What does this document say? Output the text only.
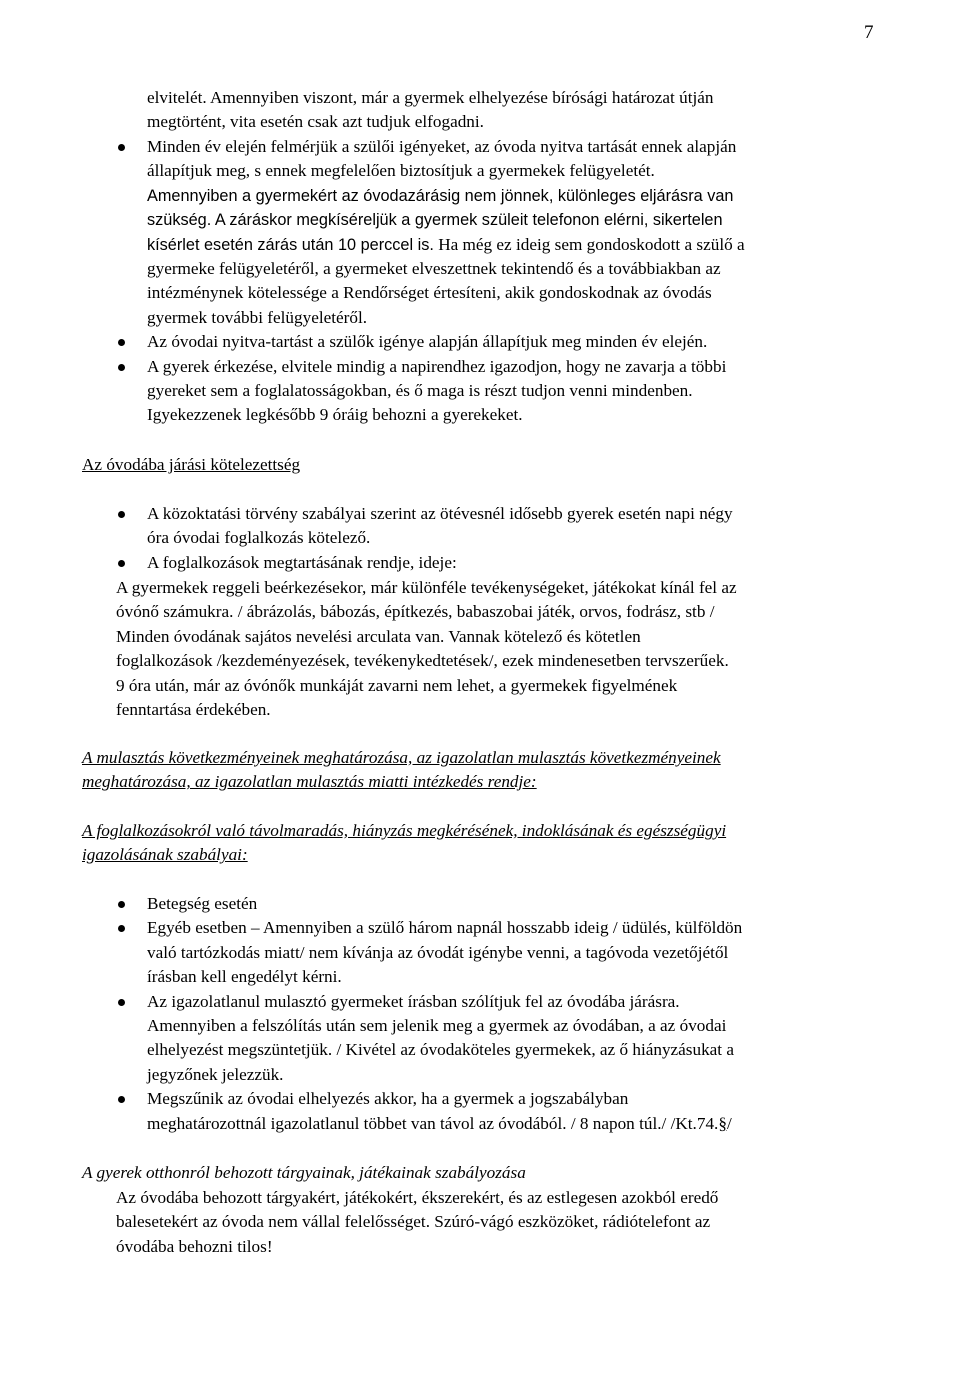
7

elvitelét. Amennyiben viszont, már a gyermek elhelyezése bírósági határozat útján

megtörtént, vita esetén csak azt tudjuk elfogadni.

Minden év elején felmérjük a szülői igényeket, az óvoda nyitva tartását ennek alapján
állapítjuk meg, s ennek megfelelően biztosítjuk a gyermekek felügyeletét.
Amennyiben a gyermekért az óvodazárásig nem jönnek, különleges eljárásra van
szükség. A záráskor megkíséreljük a gyermek szüleit telefonon elérni, sikertelen
kísérlet esetén zárás után 10 perccel is. Ha még ez ideig sem gondoskodott a szülő a
gyermeke felügyeletéről, a gyermeket elveszettnek tekintendő és a továbbiakban az
intézménynek kötelessége a Rendőrséget értesíteni, akik gondoskodnak az óvodás
gyermek további felügyeletéről.
Az óvodai nyitva-tartást a szülők igénye alapján állapítjuk meg minden év elején.
A gyerek érkezése, elvitele mindig a napirendhez igazodjon, hogy ne zavarja a többi
gyereket sem a foglalatosságokban, és ő maga is részt tudjon venni mindenben.
Igyekezzenek legkésőbb 9 óráig behozni a gyerekeket.
Az óvodába járási kötelezettség
A közoktatási törvény szabályai szerint az ötévesnél idősebb gyerek esetén napi négy
óra óvodai foglalkozás kötelező.
A foglalkozások megtartásának rendje, ideje:

A gyermekek reggeli beérkezésekor, már különféle tevékenységeket, játékokat kínál fel az

óvónő számukra. / ábrázolás, bábozás, építkezés, babaszobai játék, orvos, fodrász, stb /

Minden óvodának sajátos nevelési arculata van. Vannak kötelező és kötetlen

foglalkozások /kezdeményezések, tevékenykedtetések/, ezek mindenesetben tervszerűek.

9 óra után, már az óvónők munkáját zavarni nem lehet, a gyermekek figyelmének

fenntartása érdekében.

A mulasztás következményeinek meghatározása, az igazolatlan mulasztás következményeinek
meghatározása, az igazolatlan mulasztás miatti intézkedés rendje:
A foglalkozásokról való távolmaradás, hiányzás megkérésének, indoklásának és egészségügyi
igazolásának szabályai:
Betegség esetén
Egyéb esetben – Amennyiben a szülő három napnál hosszabb ideig / üdülés, külföldön
való tartózkodás miatt/ nem kívánja az óvodát igénybe venni, a tagóvoda vezetőjétől
írásban kell engedélyt kérni.
Az igazolatlanul mulasztó gyermeket írásban szólítjuk fel az óvodába járásra.
Amennyiben a felszólítás után sem jelenik meg a gyermek az óvodában, a az óvodai
elhelyezést megszüntetjük. / Kivétel az óvodaköteles gyermekek, az ő hiányzásukat a
jegyzőnek jelezzük.
Megszűnik az óvodai elhelyezés akkor, ha a gyermek a jogszabályban
meghatározottnál igazolatlanul többet van távol az óvodából. / 8 napon túl./ /Kt.74.§/
A gyerek otthonról behozott tárgyainak, játékainak szabályozása

Az óvodába behozott tárgyakért, játékokért, ékszerekért, és az estlegesen azokból eredő

balesetekért az óvoda nem vállal felelősséget. Szúró-vágó eszközöket, rádiótelefont az

óvodába behozni tilos!
